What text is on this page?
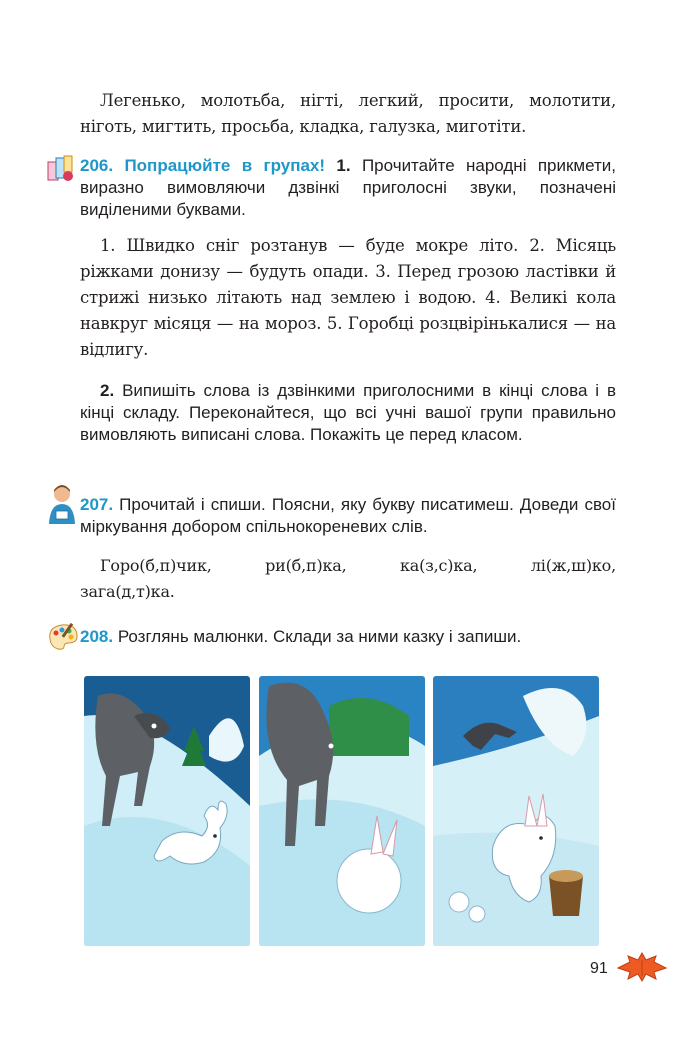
Легенько, молотьба, нігті, легкий, просити, молотити, ніготь, мигтить, просьба, кладка, галузка, миготіти.

206. Попрацюйте в групах! 1. Прочитайте народні прикмети, виразно вимовляючи дзвінкі приголосні звуки, позначені виділеними буквами.

1. Швидко сніг розтанув — буде мокре літо. 2. Місяць ріжками донизу — будуть опади. 3. Перед грозою ластівки й стрижі низько літають над землею і водою. 4. Великі кола навкруг місяця — на мороз. 5. Горобці розцвірінькалися — на відлигу.

2. Випишіть слова із дзвінкими приголосними в кінці слова і в кінці складу. Переконайтеся, що всі учні вашої групи правильно вимовляють виписані слова. Покажіть це перед класом.

207. Прочитай і спиши. Поясни, яку букву писатимеш. Доведи свої міркування добором спільнокореневих слів.

Горо(б,п)чик,	ри(б,п)ка,	ка(з,с)ка,	лі(ж,ш)ко,
зага(д,т)ка.

208. Розглянь малюнки. Склади за ними казку і запиши.

91
